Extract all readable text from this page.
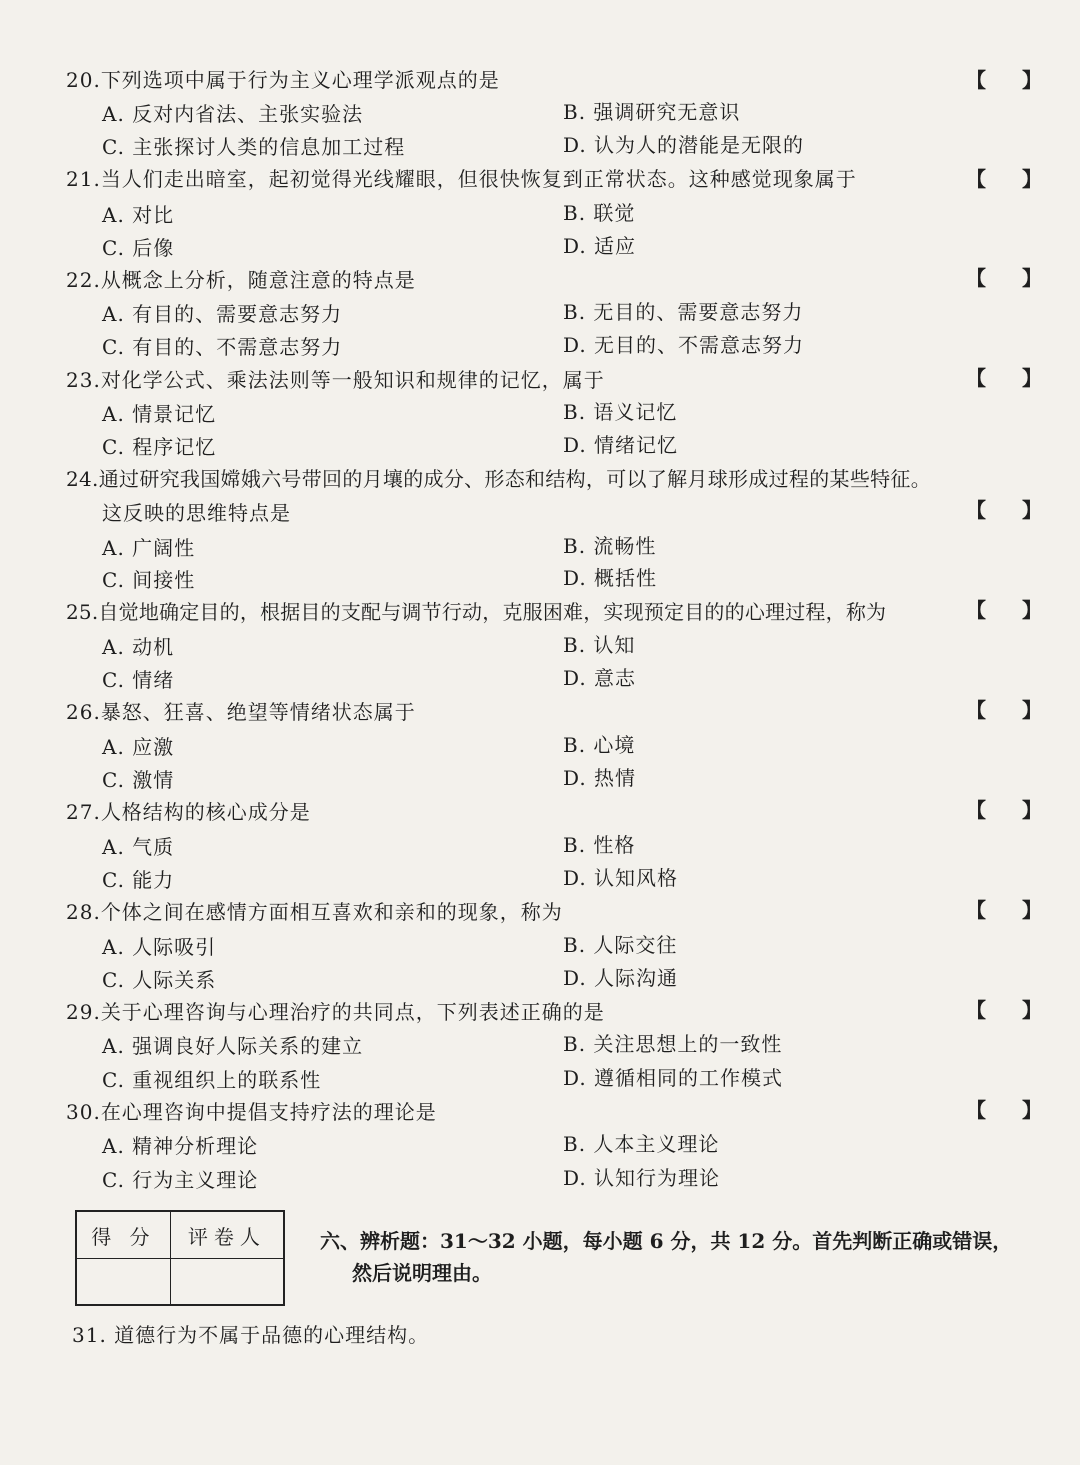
20.下列选项中属于行为主义心理学派观点的是	【 】
A. 反对内省法、主张实验法	B. 强调研究无意识
C. 主张探讨人类的信息加工过程	D. 认为人的潜能是无限的
21.当人们走出暗室，起初觉得光线耀眼，但很快恢复到正常状态。这种感觉现象属于	【 】
A. 对比	B. 联觉
C. 后像	D. 适应
22.从概念上分析，随意注意的特点是	【 】
A. 有目的、需要意志努力	B. 无目的、需要意志努力
C. 有目的、不需意志努力	D. 无目的、不需意志努力
23.对化学公式、乘法法则等一般知识和规律的记忆，属于	【 】
A. 情景记忆	B. 语义记忆
C. 程序记忆	D. 情绪记忆
24.通过研究我国嫦娥六号带回的月壤的成分、形态和结构，可以了解月球形成过程的某些特征。
这反映的思维特点是	【 】
A. 广阔性	B. 流畅性
C. 间接性	D. 概括性
25.自觉地确定目的，根据目的支配与调节行动，克服困难，实现预定目的的心理过程，称为	【 】
A. 动机	B. 认知
C. 情绪	D. 意志
26.暴怒、狂喜、绝望等情绪状态属于	【 】
A. 应激	B. 心境
C. 激情	D. 热情
27.人格结构的核心成分是	【 】
A. 气质	B. 性格
C. 能力	D. 认知风格
28.个体之间在感情方面相互喜欢和亲和的现象，称为	【 】
A. 人际吸引	B. 人际交往
C. 人际关系	D. 人际沟通
29.关于心理咨询与心理治疗的共同点，下列表述正确的是	【 】
A. 强调良好人际关系的建立	B. 关注思想上的一致性
C. 重视组织上的联系性	D. 遵循相同的工作模式
30.在心理咨询中提倡支持疗法的理论是	【 】
A. 精神分析理论	B. 人本主义理论
C. 行为主义理论	D. 认知行为理论
得 分	评卷人
		六、辨析题：31～32 小题，每小题 6 分，共 12 分。首先判断正确或错误，
然后说明理由。
31. 道德行为不属于品德的心理结构。
